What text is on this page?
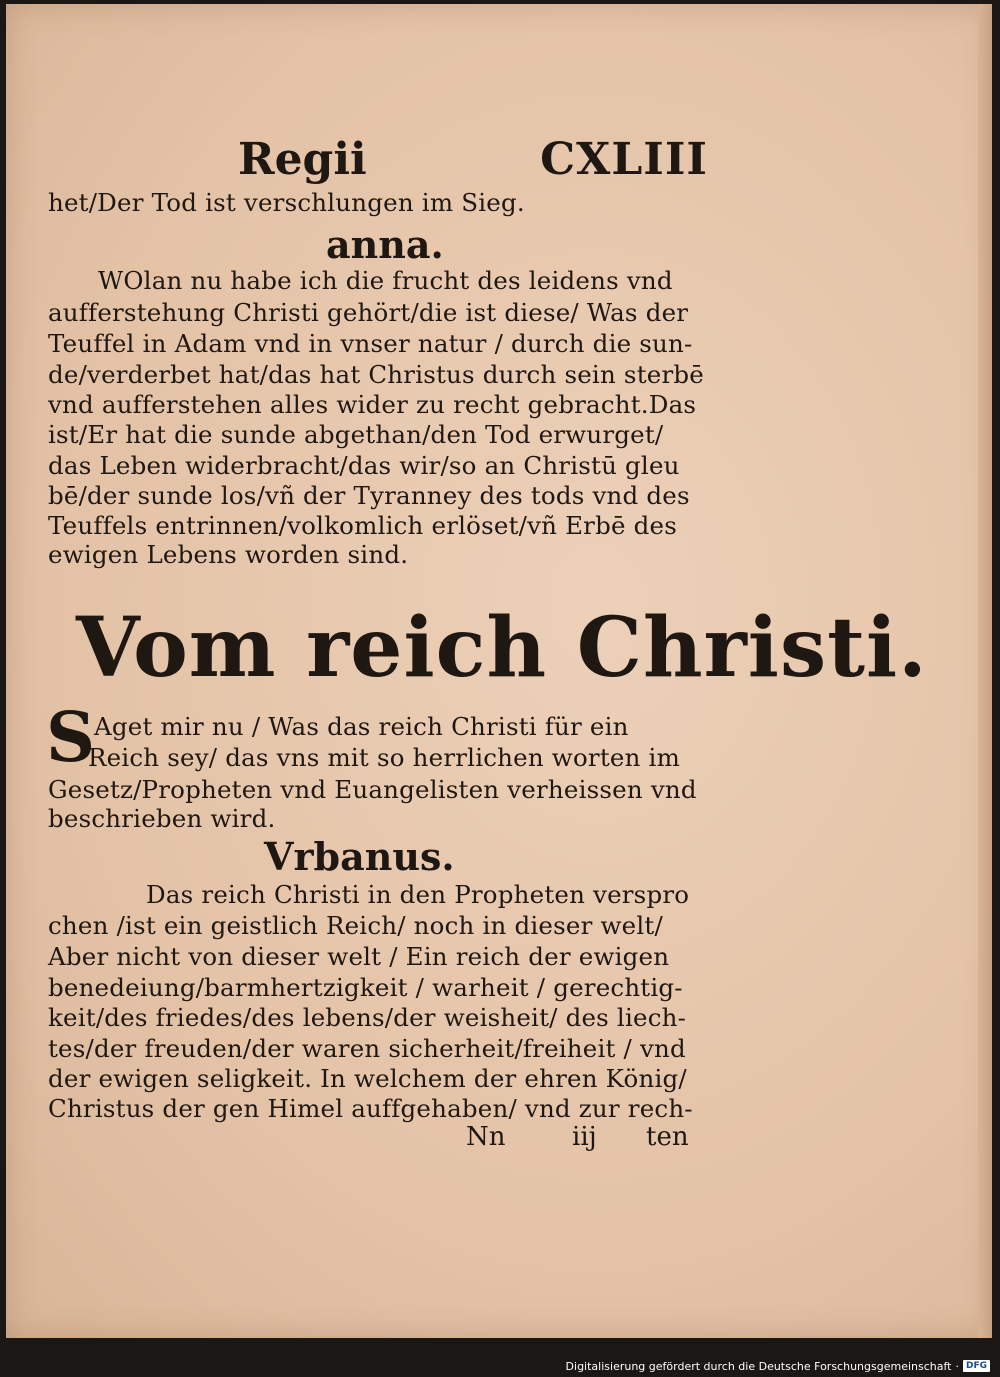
Regii	CXLIII
het/Der Tod ist verschlungen im Sieg.
anna.
WOlan nu habe ich die frucht des leidens vnd
aufferstehung Christi gehört/die ist diese/ Was der
Teuffel in Adam vnd in vnser natur / durch die sun-
de/verderbet hat/das hat Christus durch sein sterbē
vnd aufferstehen alles wider zu recht gebracht.Das
ist/Er hat die sunde abgethan/den Tod erwurget/
das Leben widerbracht/das wir/so an Christū gleu
bē/der sunde los/vñ der Tyranney des tods vnd des
Teuffels entrinnen/volkomlich erlöset/vñ Erbē des
ewigen Lebens worden sind.
Vom reich Christi.
S
Aget mir nu / Was das reich Christi für ein
Reich sey/ das vns mit so herrlichen worten im
Gesetz/Propheten vnd Euangelisten verheissen vnd
beschrieben wird.
Vrbanus.
Das reich Christi in den Propheten verspro
chen /ist ein geistlich Reich/ noch in dieser welt/
Aber nicht von dieser welt / Ein reich der ewigen
benedeiung/barmhertzigkeit / warheit / gerechtig-
keit/des friedes/des lebens/der weisheit/ des liech-
tes/der freuden/der waren sicherheit/freiheit / vnd
der ewigen seligkeit. In welchem der ehren König/
Christus der gen Himel auffgehaben/ vnd zur rech-
Nn	iij ten
Digitalisierung gefördert durch die Deutsche Forschungsgemeinschaft · DFG
